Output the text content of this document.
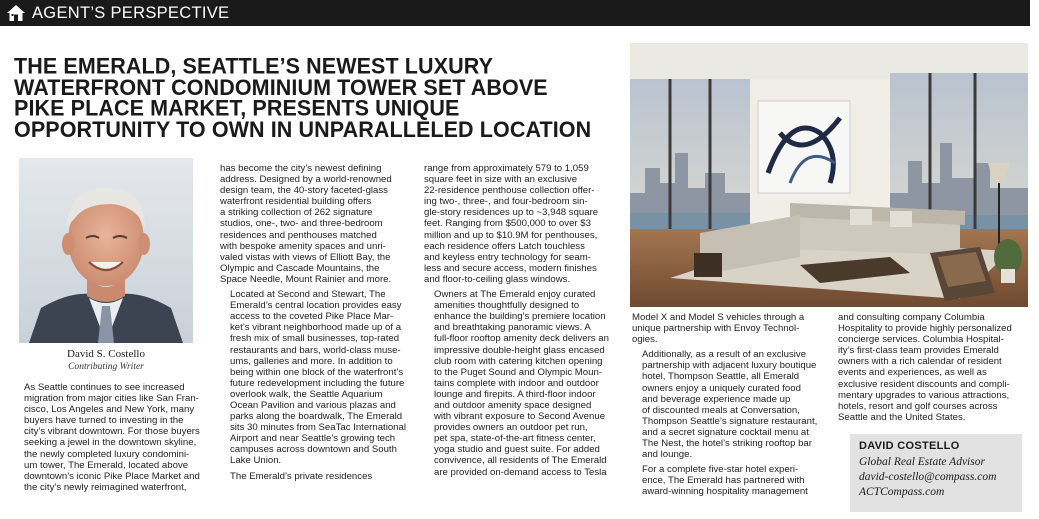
AGENT’S PERSPECTIVE
THE EMERALD, SEATTLE’S NEWEST LUXURY
WATERFRONT CONDOMINIUM TOWER SET ABOVE
PIKE PLACE MARKET, PRESENTS UNIQUE
OPPORTUNITY TO OWN IN UNPARALLELED LOCATION
David S. Costello
Contributing Writer

As Seattle continues to see increased
migration from major cities like San Fran-
cisco, Los Angeles and New York, many
buyers have turned to investing in the
city’s vibrant downtown. For those buyers
seeking a jewel in the downtown skyline,
the newly completed luxury condomini-
um tower, The Emerald, located above
downtown’s iconic Pike Place Market and
the city’s newly reimagined waterfront,

has become the city’s newest defining
address. Designed by a world-renowned
design team, the 40-story faceted-glass
waterfront residential building offers
a striking collection of 262 signature
studios, one-, two- and three-bedroom
residences and penthouses matched
with bespoke amenity spaces and unri-
valed vistas with views of Elliott Bay, the
Olympic and Cascade Mountains, the
Space Needle, Mount Rainier and more.

Located at Second and Stewart, The
Emerald’s central location provides easy
access to the coveted Pike Place Mar-
ket’s vibrant neighborhood made up of a
fresh mix of small businesses, top-rated
restaurants and bars, world-class muse-
ums, galleries and more. In addition to
being within one block of the waterfront’s
future redevelopment including the future
overlook walk, the Seattle Aquarium
Ocean Pavilion and various plazas and
parks along the boardwalk, The Emerald
sits 30 minutes from SeaTac International
Airport and near Seattle’s growing tech
campuses across downtown and South
Lake Union.

The Emerald’s private residences

range from approximately 579 to 1,059
square feet in size with an exclusive
22-residence penthouse collection offer-
ing two-, three-, and four-bedroom sin-
gle-story residences up to ~3,948 square
feet. Ranging from $500,000 to over $3
million and up to $10.9M for penthouses,
each residence offers Latch touchless
and keyless entry technology for seam-
less and secure access, modern finishes
and floor-to-ceiling glass windows.

Owners at The Emerald enjoy curated
amenities thoughtfully designed to
enhance the building’s premiere location
and breathtaking panoramic views. A
full-floor rooftop amenity deck delivers an
impressive double-height glass encased
club room with catering kitchen opening
to the Puget Sound and Olympic Moun-
tains complete with indoor and outdoor
lounge and firepits. A third-floor indoor
and outdoor amenity space designed
with vibrant exposure to Second Avenue
provides owners an outdoor pet run,
pet spa, state-of-the-art fitness center,
yoga studio and guest suite. For added
convivence, all residents of The Emerald
are provided on-demand access to Tesla

Model X and Model S vehicles through a
unique partnership with Envoy Technol-
ogies.

Additionally, as a result of an exclusive
partnership with adjacent luxury boutique
hotel, Thompson Seattle, all Emerald
owners enjoy a uniquely curated food
and beverage experience made up
of discounted meals at Conversation,
Thompson Seattle’s signature restaurant,
and a secret signature cocktail menu at
The Nest, the hotel’s striking rooftop bar
and lounge.

For a complete five-star hotel experi-
ence, The Emerald has partnered with
award-winning hospitality management

and consulting company Columbia
Hospitality to provide highly personalized
concierge services. Columbia Hospital-
ity’s first-class team provides Emerald
owners with a rich calendar of resident
events and experiences, as well as
exclusive resident discounts and compli-
mentary upgrades to various attractions,
hotels, resort and golf courses across
Seattle and the United States.

DAVID COSTELLO
Global Real Estate Advisor
david-costello@compass.com
ACTCompass.com
